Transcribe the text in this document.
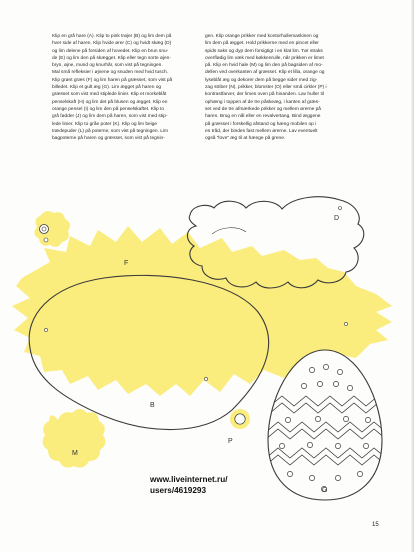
Klip en grå hare (A). Klip to pink trøjer (B) og lim dem på
hver side af haren. Klip hvide ører (C) og hvidt skæg (D)
og lim delene på forsiden af hovedet. Klip en brun snu-
de (E) og lim den på skægget. Klip eller tegn sorte øjen-
bryn, øjne, mund og knurhår, som vist på tegningen.
Mal små refleksier i øjnene og snuden med hvid tusch.
Klip grønt græs (F) og lim haren på græsset, som vist på
billedet. Klip et gult æg (G). Lim ægget på haren og
græsset som vist med stiplede linier. Klip et morkeblåt
penselskaft (H) og lim det på blusen og ægget. Klip en
orange pensel (I) og lim den på penselskaftet. Klip to
grå fødder (J) og lim dem på haren, som vist med stip-
lede linier. Klip to gråe poter (K). Klip og lim beige
trædepuder (L) på poterne, som vist på tegningen. Lim
bagpoterne på haren og græsset, som vist på tegnin-
gen. Klip orange prikker med kontorhullemaskinen og
lim dem på ægget. Hold prikkerne med en pincet eller
spids saks og dyp dem forsigtigt i en klat lim. Tør straks
overflødig lim væk med køkkenrulle, når prikken er limet
på. Klip en hvid hale (M) og lim den på bagsiden af mo-
dellen ved overkanten af græsset. Klip et lilla, orange og
lyseblåt æg og dekorer dem på begge sider med zig-
zag striber (N), prikker, blomster (O) eller små cirkler (P) i
kontrastfarver, der limes oven på hinanden. Lav huller til
ophæng i toppen af de tre påskeæg, i kanten af græs-
set ved de tre afmærkede prikker og mellem ørerne på
haren. Brug en nål eller en revalvertang. Bind æggene
på græsset i forskellig afstand og hæng mobilen op i
en tråd, der bindes fast mellem ørerne. Lav eventuelt
også "love" æg til at hænge på grene.
F
D
B
G
M
P
www.liveinternet.ru/
users/4619293
15
